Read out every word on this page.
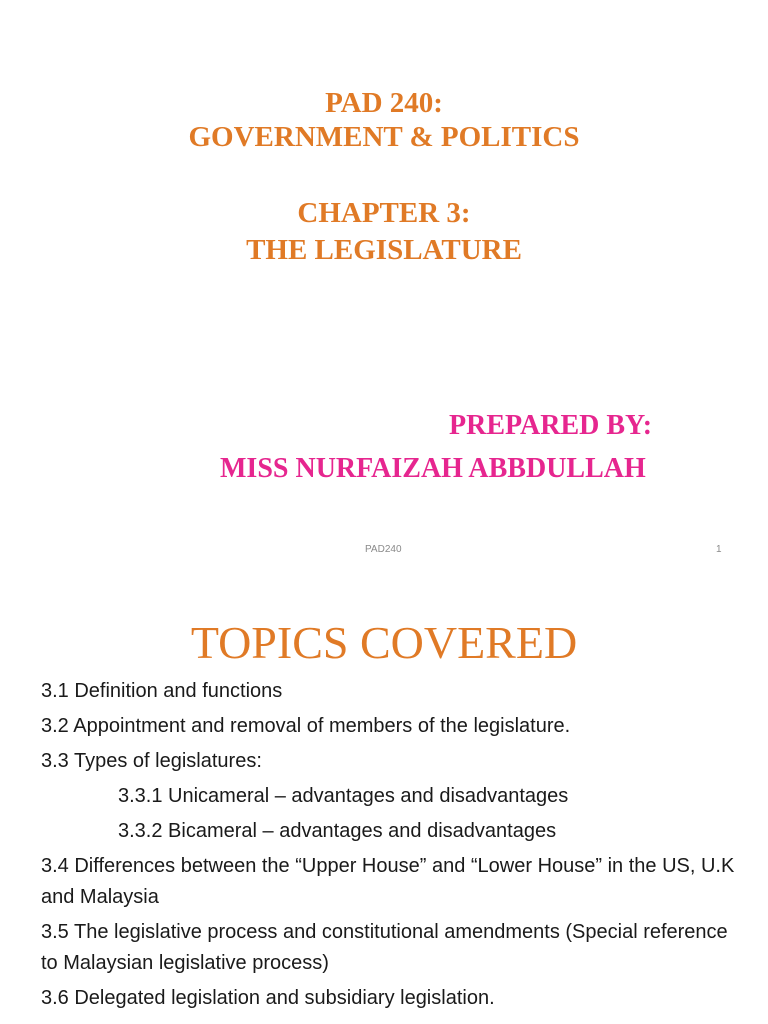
PAD 240:
GOVERNMENT & POLITICS
CHAPTER 3:
THE LEGISLATURE
PREPARED BY:
MISS NURFAIZAH ABBDULLAH
PAD240	1
TOPICS COVERED
3.1 Definition and functions
3.2 Appointment and removal of members of the legislature.
3.3 Types of legislatures:
3.3.1 Unicameral – advantages and disadvantages
3.3.2 Bicameral – advantages and disadvantages
3.4 Differences between the “Upper House” and “Lower House” in the US, U.K and Malaysia
3.5 The legislative process and constitutional amendments (Special reference to Malaysian legislative process)
3.6 Delegated legislation and subsidiary legislation.
